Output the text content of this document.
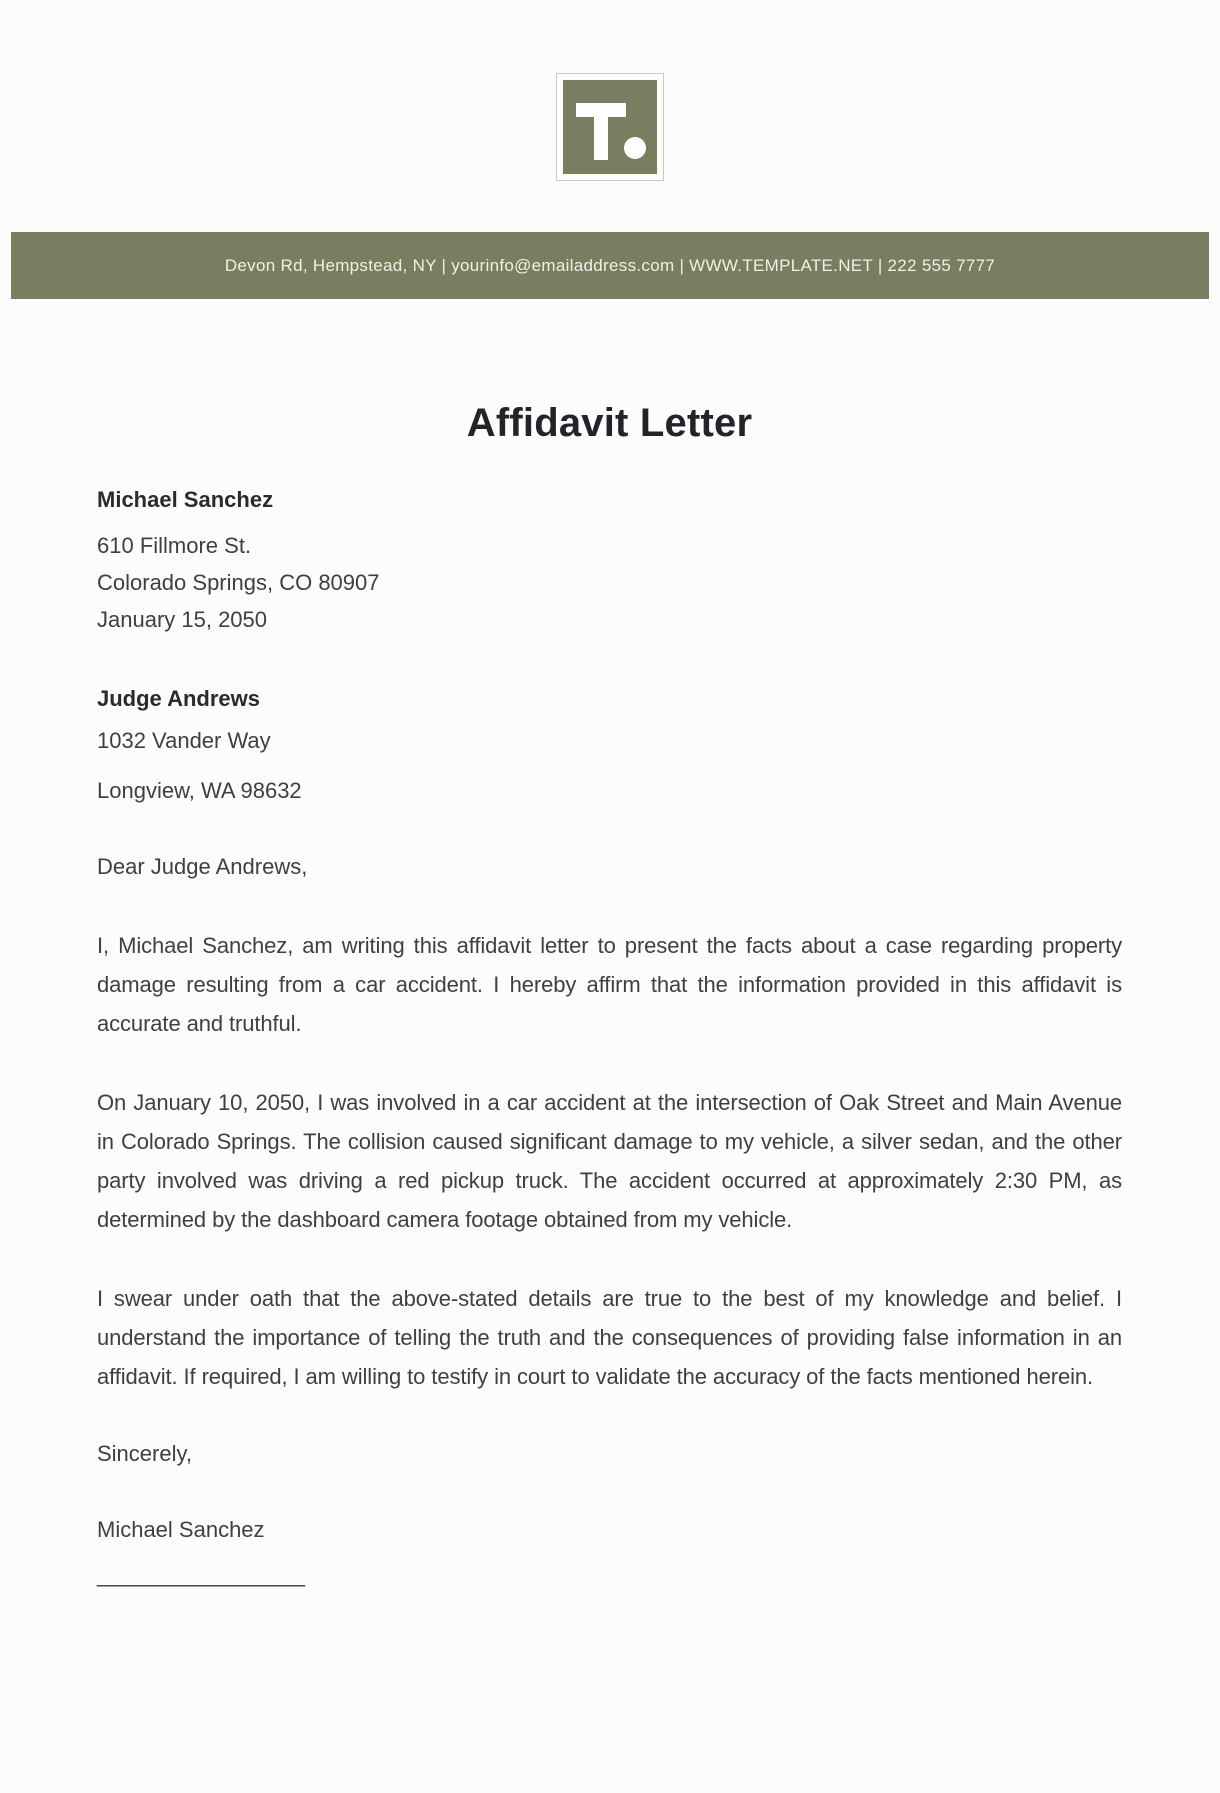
Devon Rd, Hempstead, NY | yourinfo@emailaddress.com | WWW.TEMPLATE.NET | 222 555 7777
Affidavit Letter
Michael Sanchez
610 Fillmore St.
Colorado Springs, CO 80907
January 15, 2050
Judge Andrews
1032 Vander Way
Longview, WA 98632
Dear Judge Andrews,

I, Michael Sanchez, am writing this affidavit letter to present the facts about a case regarding property damage resulting from a car accident. I hereby affirm that the information provided in this affidavit is accurate and truthful.

On January 10, 2050, I was involved in a car accident at the intersection of Oak Street and Main Avenue in Colorado Springs. The collision caused significant damage to my vehicle, a silver sedan, and the other party involved was driving a red pickup truck. The accident occurred at approximately 2:30 PM, as determined by the dashboard camera footage obtained from my vehicle.

I swear under oath that the above-stated details are true to the best of my knowledge and belief. I understand the importance of telling the truth and the consequences of providing false information in an affidavit. If required, I am willing to testify in court to validate the accuracy of the facts mentioned herein.

Sincerely,
Michael Sanchez
_________________
